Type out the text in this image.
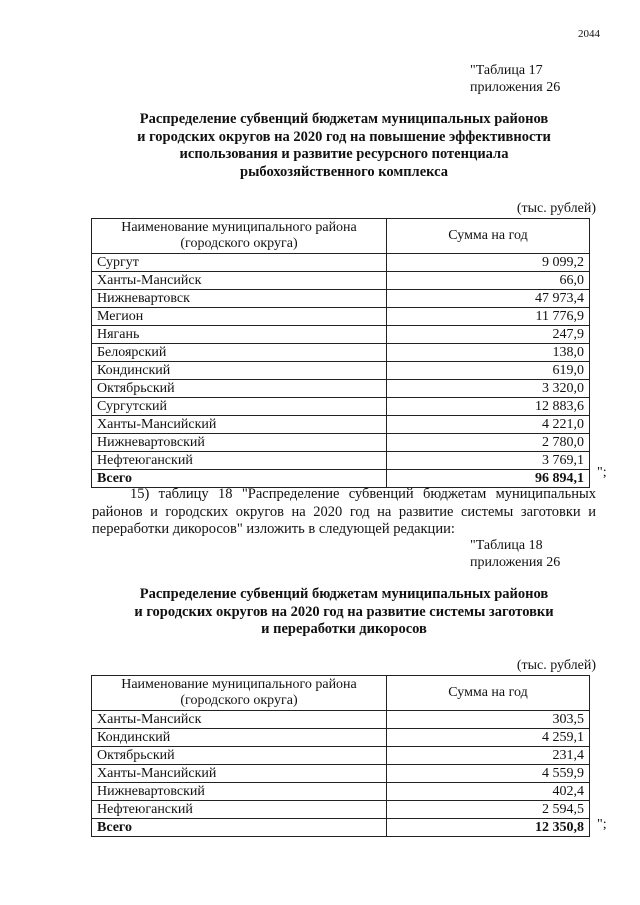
2044
"Таблица 17
приложения 26
Распределение субвенций бюджетам муниципальных районов
и городских округов на 2020 год на повышение эффективности
использования и развитие ресурсного потенциала
рыбохозяйственного комплекса
(тыс. рублей)
Наименование муниципального района
(городского округа)	Сумма на год
Сургут	9 099,2
Ханты-Мансийск	66,0
Нижневартовск	47 973,4
Мегион	11 776,9
Нягань	247,9
Белоярский	138,0
Кондинский	619,0
Октябрьский	3 320,0
Сургутский	12 883,6
Ханты-Мансийский	4 221,0
Нижневартовский	2 780,0
Нефтеюганский	3 769,1
Всего	96 894,1 ";
15) таблицу 18 "Распределение субвенций бюджетам муниципальных
районов и городских округов на 2020 год на развитие системы заготовки и
переработки дикоросов" изложить в следующей редакции:
"Таблица 18
приложения 26
Распределение субвенций бюджетам муниципальных районов
и городских округов на 2020 год на развитие системы заготовки
и переработки дикоросов
(тыс. рублей)
Наименование муниципального района
(городского округа)	Сумма на год
Ханты-Мансийск	303,5
Кондинский	4 259,1
Октябрьский	231,4
Ханты-Мансийский	4 559,9
Нижневартовский	402,4
Нефтеюганский	2 594,5
Всего	12 350,8 ";
